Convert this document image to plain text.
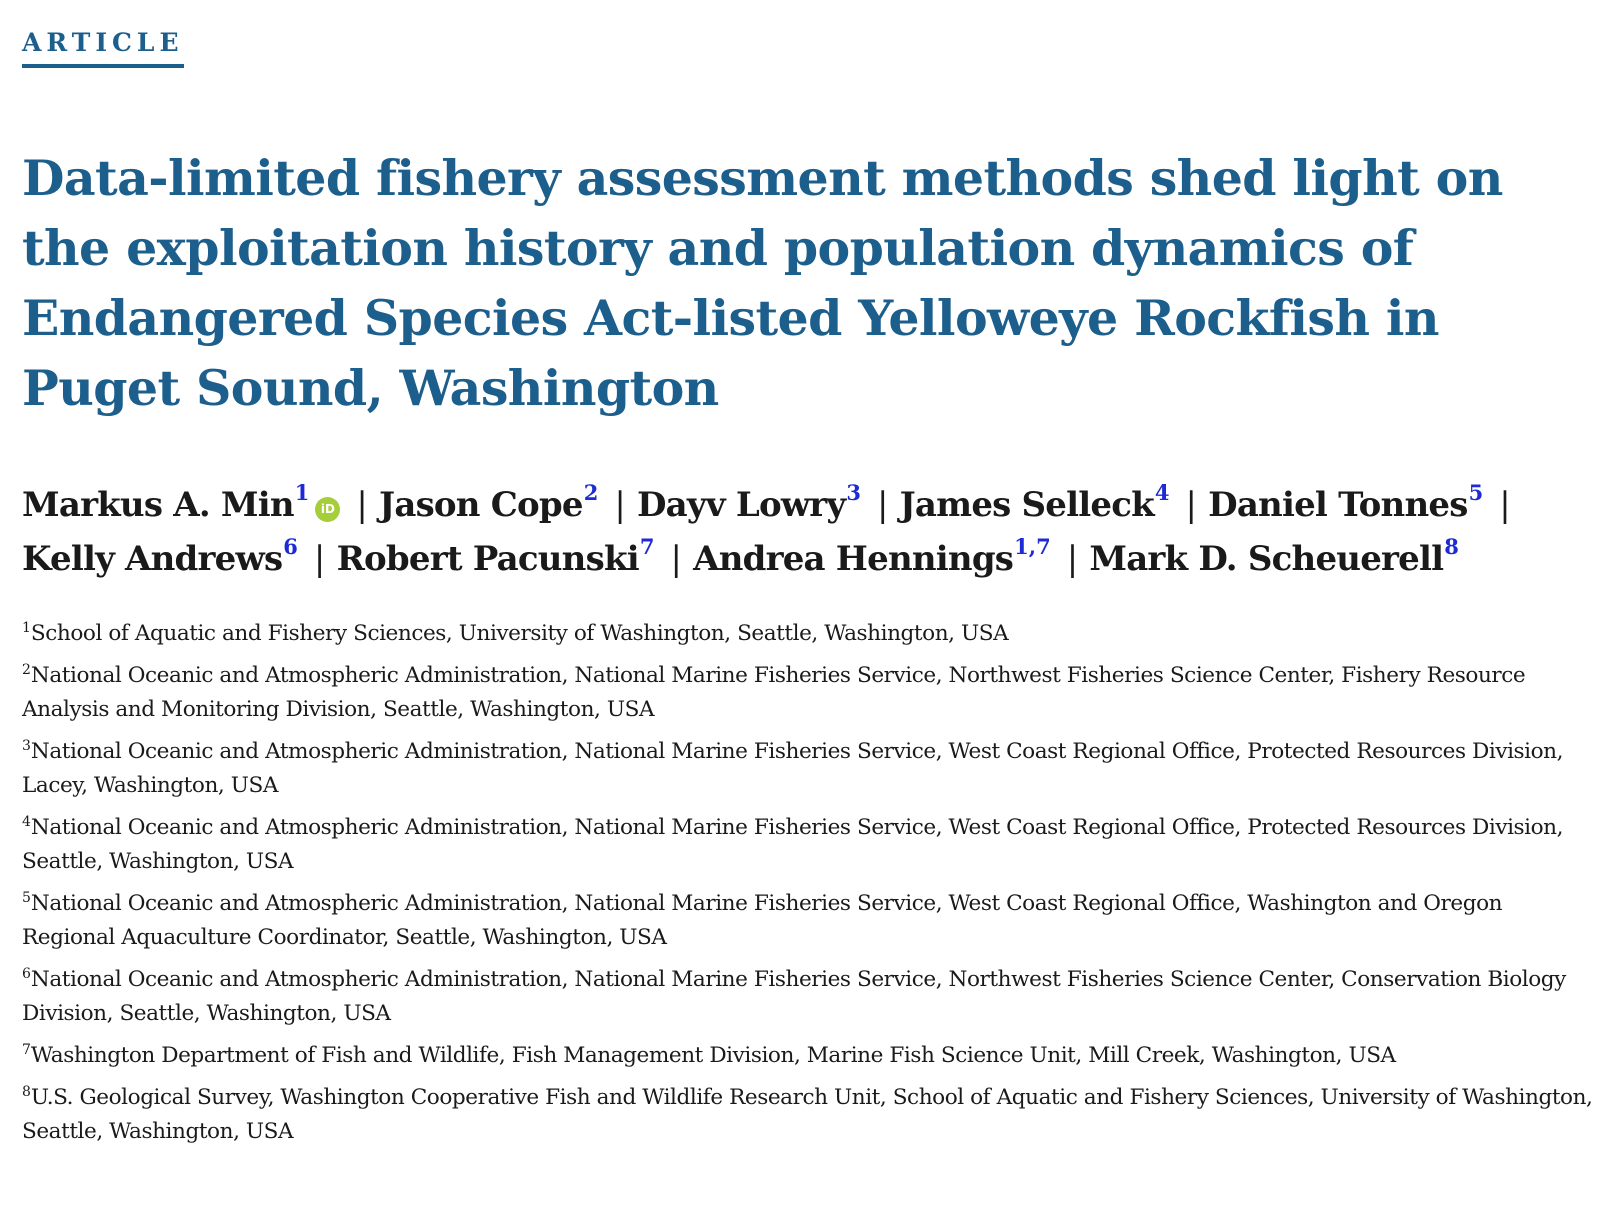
ARTICLE
Data-limited fishery assessment methods shed light on the exploitation history and population dynamics of Endangered Species Act-listed Yelloweye Rockfish in Puget Sound, Washington
Markus A. Min$^1$iD | Jason Cope$^2$ | Dayv Lowry$^3$ | James Selleck$^4$ | Daniel Tonnes$^5$ |
Kelly Andrews$^6$ | Robert Pacunski$^7$ | Andrea Hennings$^{1,7}$ | Mark D. Scheuerell$^8$

$^1$School of Aquatic and Fishery Sciences, University of Washington, Seattle, Washington, USA

$^2$National Oceanic and Atmospheric Administration, National Marine Fisheries Service, Northwest Fisheries Science Center, Fishery Resource Analysis and Monitoring Division, Seattle, Washington, USA

$^3$National Oceanic and Atmospheric Administration, National Marine Fisheries Service, West Coast Regional Office, Protected Resources Division, Lacey, Washington, USA

$^4$National Oceanic and Atmospheric Administration, National Marine Fisheries Service, West Coast Regional Office, Protected Resources Division, Seattle, Washington, USA

$^5$National Oceanic and Atmospheric Administration, National Marine Fisheries Service, West Coast Regional Office, Washington and Oregon Regional Aquaculture Coordinator, Seattle, Washington, USA

$^6$National Oceanic and Atmospheric Administration, National Marine Fisheries Service, Northwest Fisheries Science Center, Conservation Biology Division, Seattle, Washington, USA

$^7$Washington Department of Fish and Wildlife, Fish Management Division, Marine Fish Science Unit, Mill Creek, Washington, USA

$^8$U.S. Geological Survey, Washington Cooperative Fish and Wildlife Research Unit, School of Aquatic and Fishery Sciences, University of Washington, Seattle, Washington, USA
